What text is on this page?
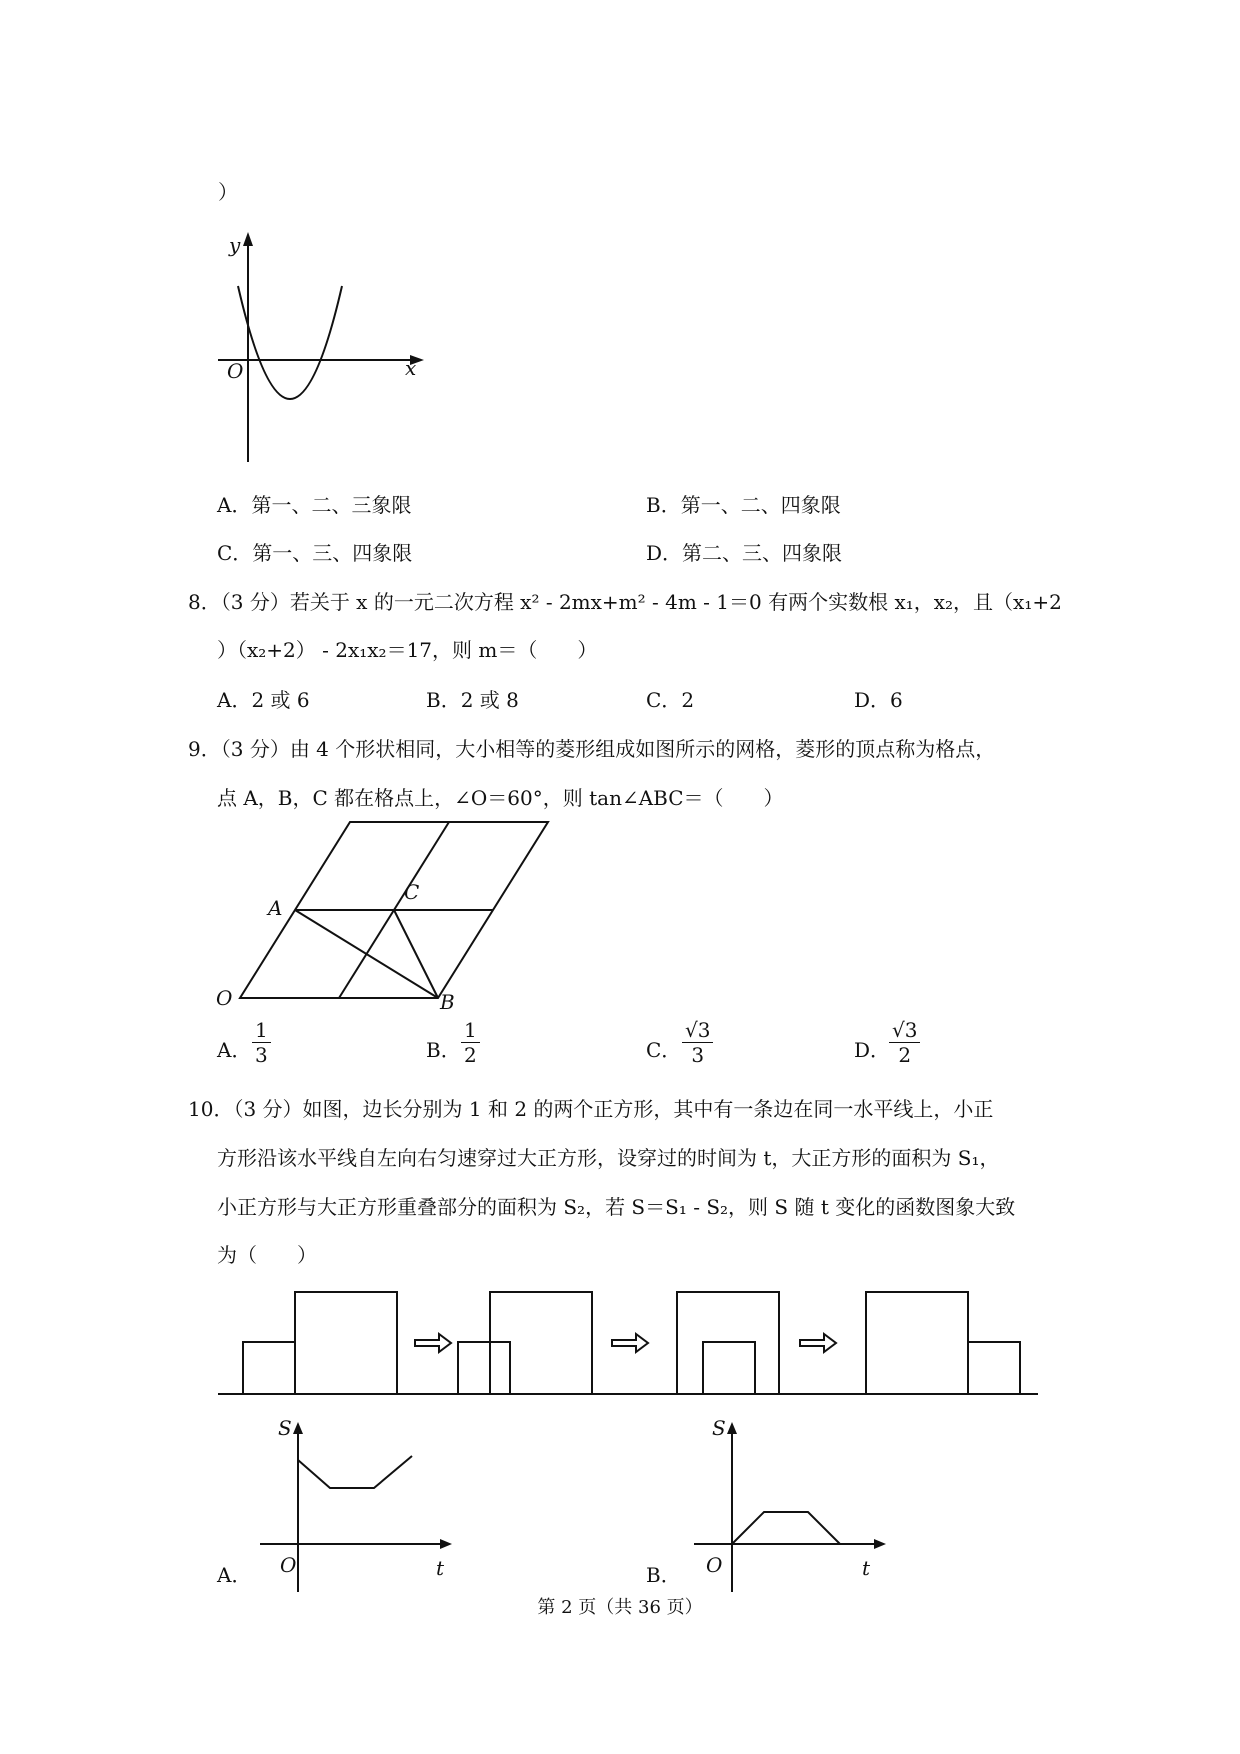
）
y
x
O
A．第一、二、三象限	B．第一、二、四象限
C．第一、三、四象限	D．第二、三、四象限
8．（3 分）若关于 x 的一元二次方程 x² - 2mx+m² - 4m - 1＝0 有两个实数根 x₁，x₂，且（x₁+2
）（x₂+2） - 2x₁x₂＝17，则 m＝（　　）
A．2 或 6	B．2 或 8	C．2	D．6
9．（3 分）由 4 个形状相同，大小相等的菱形组成如图所示的网格，菱形的顶点称为格点，
点 A，B，C 都在格点上，∠O＝60°，则 tan∠ABC＝（　　）
A
C
O	B
A． $\frac{1}{3}$	B． $\frac{1}{2}$	C． $\frac{√3}{3}$	D．
$\frac{√3}{2}$
10．（3 分）如图，边长分别为 1 和 2 的两个正方形，其中有一条边在同一水平线上，小正
方形沿该水平线自左向右匀速穿过大正方形，设穿过的时间为 t，大正方形的面积为 S₁，
小正方形与大正方形重叠部分的面积为 S₂，若 S＝S₁ - S₂，则 S 随 t 变化的函数图象大致
为（　　）
A．
S
O	t	B．
S
O	t
第 2 页（共 36 页）
